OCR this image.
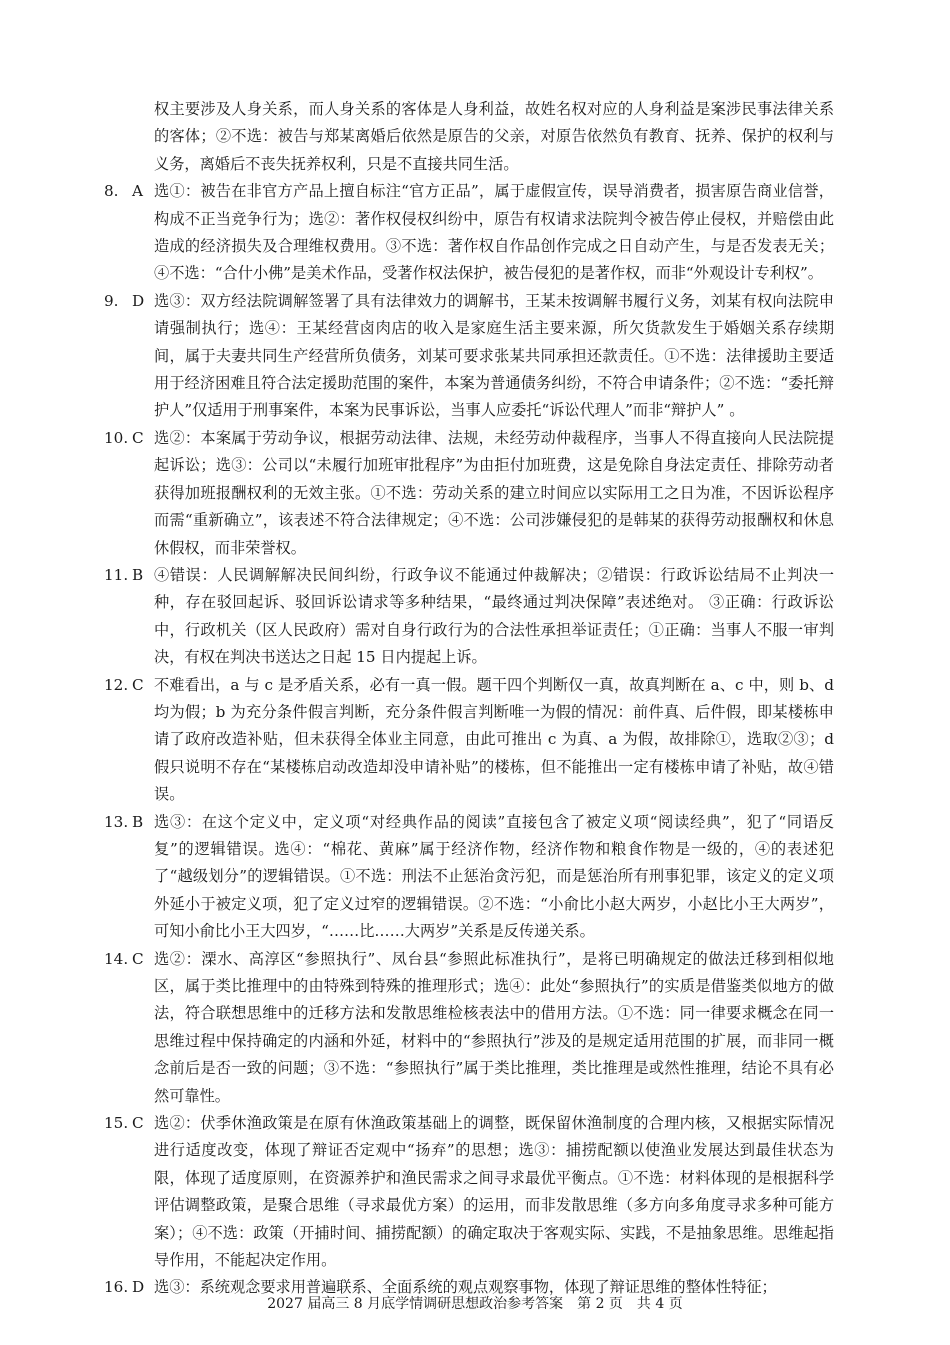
权主要涉及人身关系，而人身关系的客体是人身利益，故姓名权对应的人身利益是案涉民事法律关系的客体；②不选：被告与郑某离婚后依然是原告的父亲，对原告依然负有教育、抚养、保护的权利与义务，离婚后不丧失抚养权利，只是不直接共同生活。
8. A 选①：被告在非官方产品上擅自标注“官方正品”，属于虚假宣传，误导消费者，损害原告商业信誉，构成不正当竞争行为；选②：著作权侵权纠纷中，原告有权请求法院判令被告停止侵权，并赔偿由此造成的经济损失及合理维权费用。③不选：著作权自作品创作完成之日自动产生，与是否发表无关；④不选：“合什小佛”是美术作品，受著作权法保护，被告侵犯的是著作权，而非“外观设计专利权”。
9. D 选③：双方经法院调解签署了具有法律效力的调解书，王某未按调解书履行义务，刘某有权向法院申请强制执行；选④：王某经营卤肉店的收入是家庭生活主要来源，所欠货款发生于婚姻关系存续期间，属于夫妻共同生产经营所负债务，刘某可要求张某共同承担还款责任。①不选：法律援助主要适用于经济困难且符合法定援助范围的案件，本案为普通债务纠纷，不符合申请条件；②不选：“委托辩护人”仅适用于刑事案件，本案为民事诉讼，当事人应委托“诉讼代理人”而非“辩护人” 。
10. C 选②：本案属于劳动争议，根据劳动法律、法规，未经劳动仲裁程序，当事人不得直接向人民法院提起诉讼；选③：公司以“未履行加班审批程序”为由拒付加班费，这是免除自身法定责任、排除劳动者获得加班报酬权利的无效主张。①不选：劳动关系的建立时间应以实际用工之日为准，不因诉讼程序而需“重新确立”，该表述不符合法律规定；④不选：公司涉嫌侵犯的是韩某的获得劳动报酬权和休息休假权，而非荣誉权。
11. B ④错误：人民调解解决民间纠纷，行政争议不能通过仲裁解决；②错误：行政诉讼结局不止判决一种，存在驳回起诉、驳回诉讼请求等多种结果，“最终通过判决保障”表述绝对。 ③正确：行政诉讼中，行政机关（区人民政府）需对自身行政行为的合法性承担举证责任；①正确：当事人不服一审判决，有权在判决书送达之日起 15 日内提起上诉。
12. C 不难看出，a 与 c 是矛盾关系，必有一真一假。题干四个判断仅一真，故真判断在 a、c 中，则 b、d 均为假；b 为充分条件假言判断，充分条件假言判断唯一为假的情况：前件真、后件假，即某楼栋申请了政府改造补贴，但未获得全体业主同意，由此可推出 c 为真、a 为假，故排除①，选取②③；d 假只说明不存在“某楼栋启动改造却没申请补贴”的楼栋，但不能推出一定有楼栋申请了补贴，故④错误。
13. B 选③：在这个定义中，定义项“对经典作品的阅读”直接包含了被定义项“阅读经典”，犯了“同语反复”的逻辑错误。选④：“棉花、黄麻”属于经济作物，经济作物和粮食作物是一级的，④的表述犯了“越级划分”的逻辑错误。①不选：刑法不止惩治贪污犯，而是惩治所有刑事犯罪，该定义的定义项外延小于被定义项，犯了定义过窄的逻辑错误。②不选：“小俞比小赵大两岁，小赵比小王大两岁”，可知小俞比小王大四岁，“……比……大两岁”关系是反传递关系。
14. C 选②：溧水、高淳区“参照执行”、凤台县“参照此标准执行”，是将已明确规定的做法迁移到相似地区，属于类比推理中的由特殊到特殊的推理形式；选④：此处“参照执行”的实质是借鉴类似地方的做法，符合联想思维中的迁移方法和发散思维检核表法中的借用方法。①不选：同一律要求概念在同一思维过程中保持确定的内涵和外延，材料中的“参照执行”涉及的是规定适用范围的扩展，而非同一概念前后是否一致的问题；③不选：“参照执行”属于类比推理，类比推理是或然性推理，结论不具有必然可靠性。
15. C 选②：伏季休渔政策是在原有休渔政策基础上的调整，既保留休渔制度的合理内核，又根据实际情况进行适度改变，体现了辩证否定观中“扬弃”的思想；选③：捕捞配额以使渔业发展达到最佳状态为限，体现了适度原则，在资源养护和渔民需求之间寻求最优平衡点。①不选：材料体现的是根据科学评估调整政策，是聚合思维（寻求最优方案）的运用，而非发散思维（多方向多角度寻求多种可能方案）；④不选：政策（开捕时间、捕捞配额）的确定取决于客观实际、实践，不是抽象思维。思维起指导作用，不能起决定作用。
16. D 选③：系统观念要求用普遍联系、全面系统的观点观察事物，体现了辩证思维的整体性特征；
2027 届高三 8 月底学情调研思想政治参考答案　第 2 页　共 4 页
